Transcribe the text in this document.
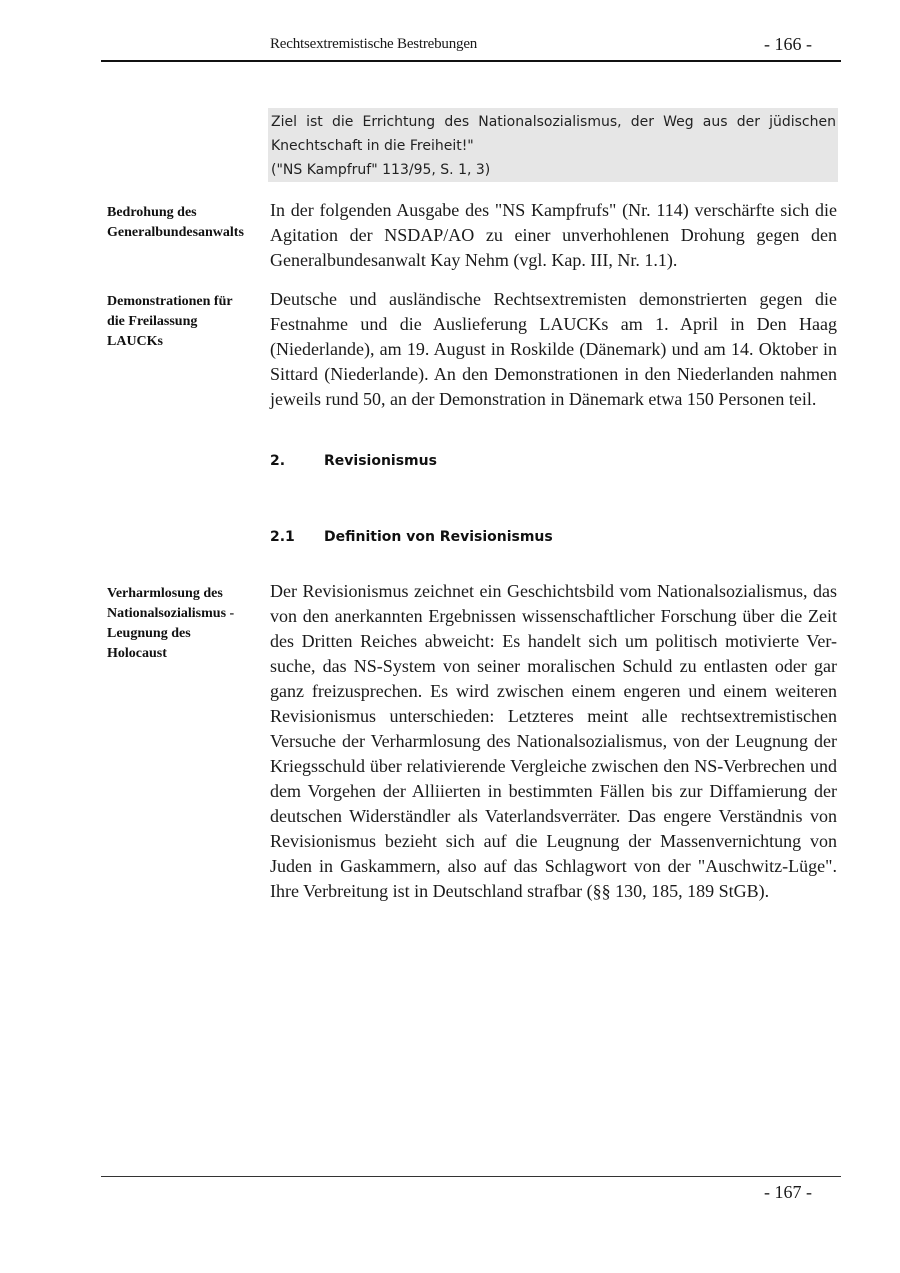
Rechtsextremistische Bestrebungen	- 166 -
Ziel ist die Errichtung des Nationalsozialismus, der Weg aus der jüdischen
Knechtschaft in die Freiheit!"
("NS Kampfruf" 113/95, S. 1, 3)
Bedrohung des
Generalbundesanwalts
In der folgenden Ausgabe des "NS Kampfrufs" (Nr. 114) verschärfte sich die
Agitation der NSDAP/AO zu einer unverhohlenen Drohung gegen den
Generalbundesanwalt Kay Nehm (vgl. Kap. III, Nr. 1.1).
Demonstrationen für
die Freilassung
LAUCKs
Deutsche und ausländische Rechtsextremisten demonstrierten gegen die
Festnahme und die Auslieferung LAUCKs am 1. April in Den Haag
(Niederlande), am 19. August in Roskilde (Dänemark) und am 14. Oktober in
Sittard (Niederlande). An den Demonstrationen in den Niederlanden nahmen
jeweils rund 50, an der Demonstration in Dänemark etwa 150 Personen teil.
2.	Revisionismus
2.1 Definition von Revisionismus
Verharmlosung des
Nationalsozialismus -
Leugnung des
Holocaust
Der Revisionismus zeichnet ein Geschichtsbild vom Nationalsozialismus, das
von den anerkannten Ergebnissen wissenschaftlicher Forschung über die Zeit
des Dritten Reiches abweicht: Es handelt sich um politisch motivierte Ver-
suche, das NS-System von seiner moralischen Schuld zu entlasten oder gar
ganz freizusprechen. Es wird zwischen einem engeren und einem weiteren
Revisionismus unterschieden: Letzteres meint alle rechtsextremistischen
Versuche der Verharmlosung des Nationalsozialismus, von der Leugnung der
Kriegsschuld über relativierende Vergleiche zwischen den NS-Verbrechen und
dem Vorgehen der Alliierten in bestimmten Fällen bis zur Diffamierung der
deutschen Widerständler als Vaterlandsverräter. Das engere Verständnis von
Revisionismus bezieht sich auf die Leugnung der Massenvernichtung von
Juden in Gaskammern, also auf das Schlagwort von der "Auschwitz-Lüge".
Ihre Verbreitung ist in Deutschland strafbar (§§ 130, 185, 189 StGB).
- 167 -
